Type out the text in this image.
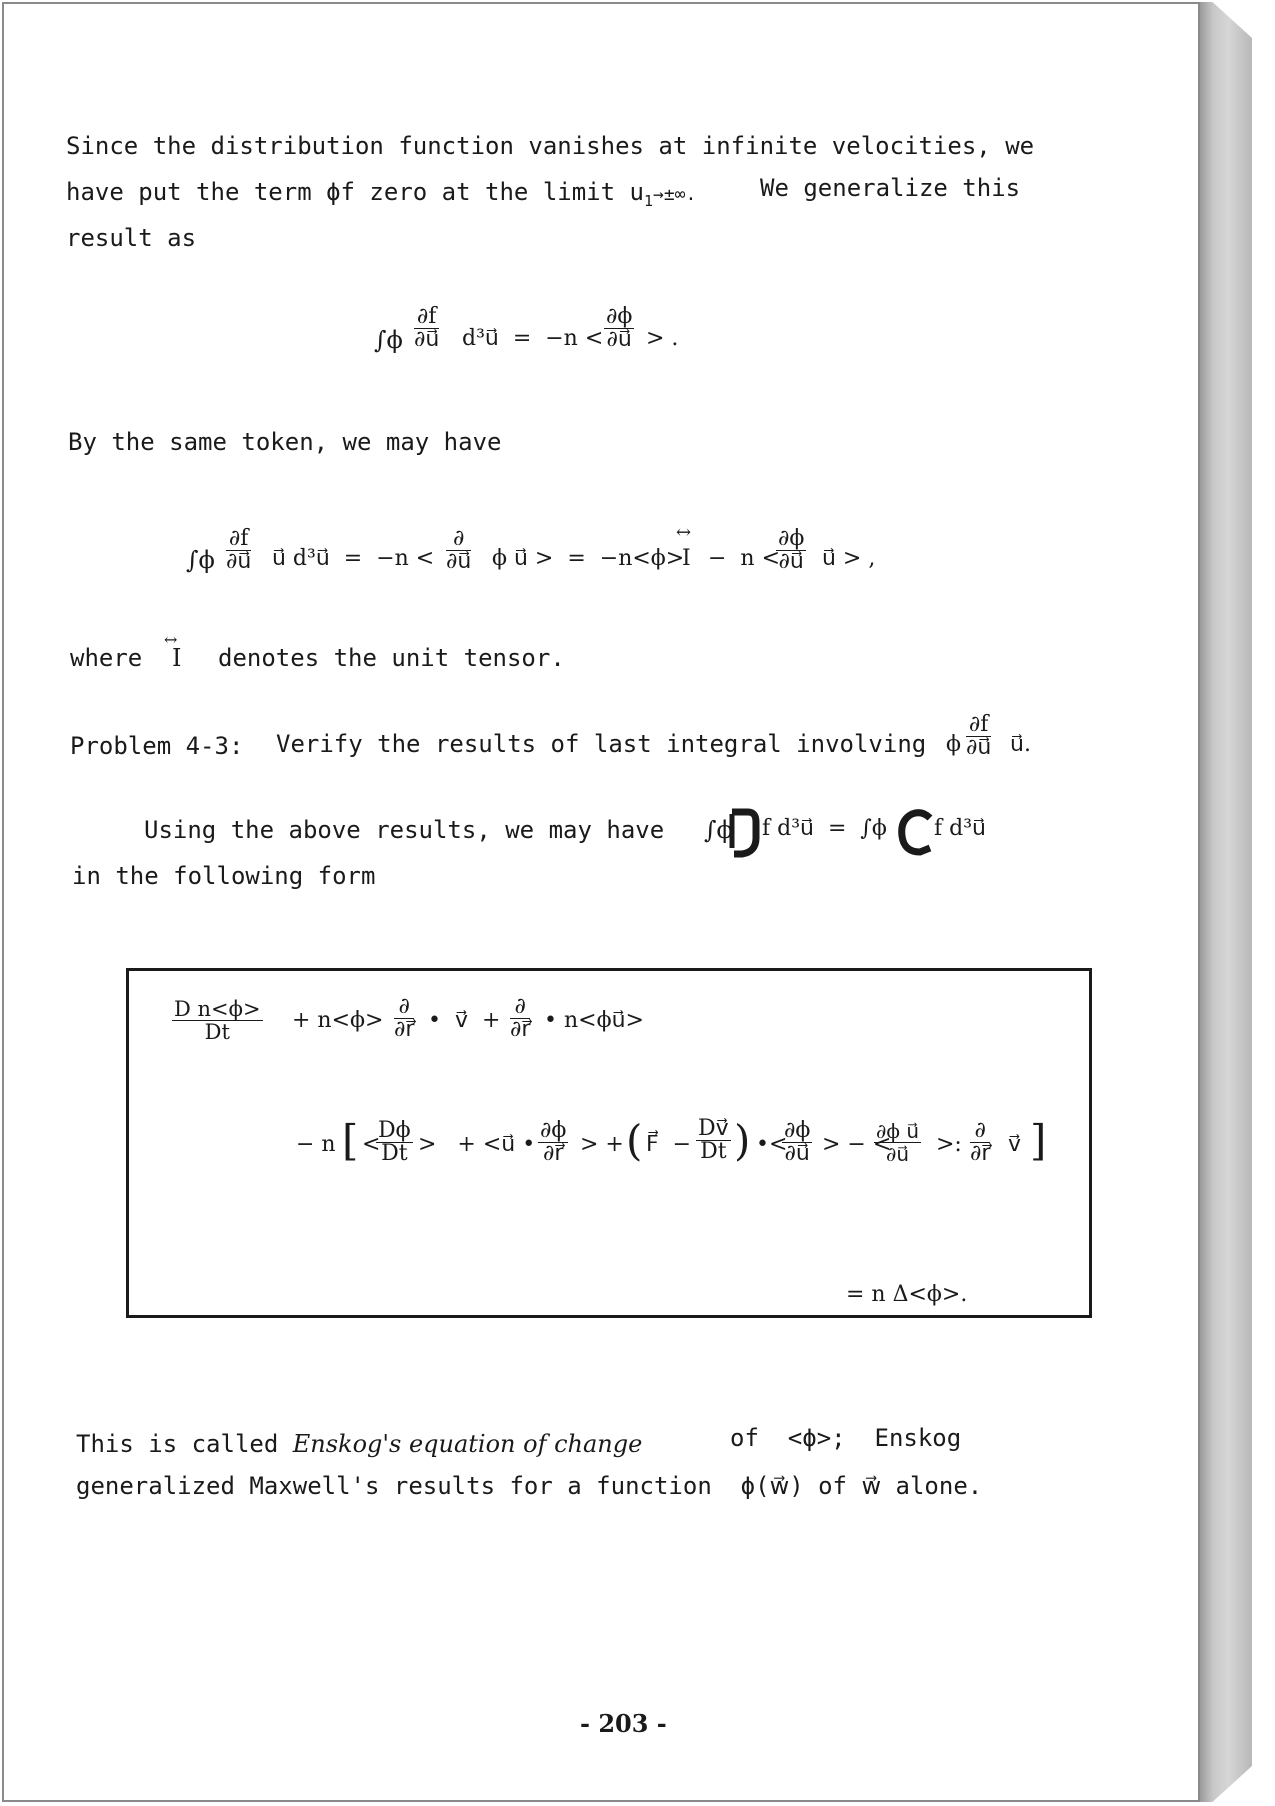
Since the distribution function vanishes at infinite velocities, we
have put the term ϕf zero at the limit $u_1\to\pm\infty$.	We generalize this
result as
$\int\phi \frac{\partial f}{\partial u⃗}$ d³u⃗  =  $-n < \frac{\partial\phi}{\partial u⃗}$ > .
By the same token, we may have
$\int\phi \frac{\partial f}{\partial u⃗}$ u⃗ d³u⃗  =  −n <
∂
∂u⃗ ϕ u⃗ >  =  −n<ϕ>
I
↔
−  n <
$\frac{\partial\phi}{\partial u⃗}$ u⃗ > ,
where I
↔
denotes the unit tensor.
Problem 4-3: Verify the results of last integral involving ϕ $\frac{\partial f}{\partial u⃗}$ u⃗.
Using the above results, we may have ∫ϕ f d³u⃗  =  ∫ϕ f d³u⃗
in the following form
$\frac{\text{D n<ϕ>}}{Dt} + n<\phi>$
∂
∂r⃗ •  v⃗  +
∂
∂r⃗ • n<ϕu⃗>
− n [ <
$\frac{D\phi}{Dt}$ >   + <u⃗ • $\frac{\partial\phi}{\partial r⃗}$ > + ( F⃗  − $\frac{Dv⃗}{Dt}$ ) •<
$\frac{\partial\phi}{\partial u⃗}$ > − <
$\frac{\text{∂ϕ u⃗}}{\partial u⃗}$ >:
∂
∂r⃗ v⃗ ]
= n Δ<ϕ>.
This is called Enskog's equation of change	of  <ϕ>;  Enskog
generalized Maxwell's results for a function  ϕ(w⃗) of w⃗ alone.
- 203 -
